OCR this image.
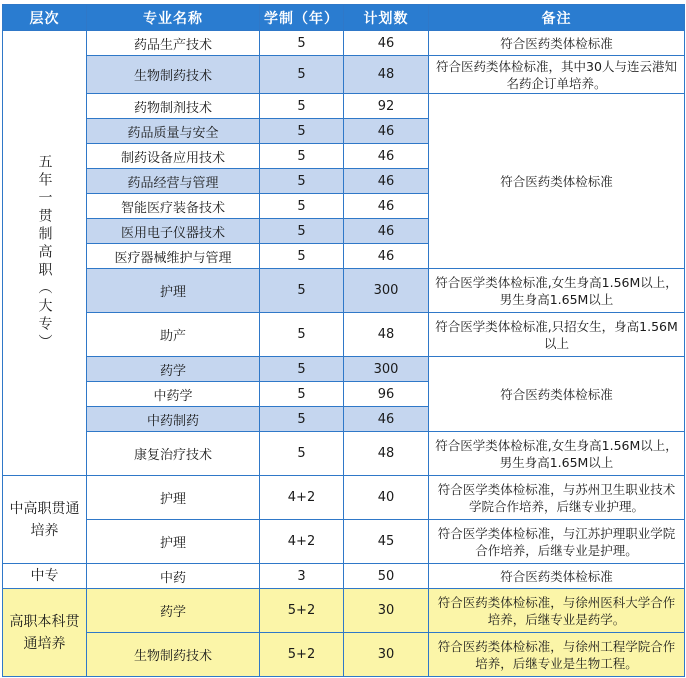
层次	专业名称	学制（年）	计划数	备注
五年一贯制高职（大专）	药品生产技术	5	46	符合医药类体检标准
	生物制药技术	5	48	符合医药类体检标准，其中30人与连云港知名药企订单培养。
	药物制剂技术	5	92	符合医药类体检标准
	药品质量与安全	5	46	
	制药设备应用技术	5	46	
	药品经营与管理	5	46	
	智能医疗装备技术	5	46	
	医用电子仪器技术	5	46	
	医疗器械维护与管理	5	46	
	护理	5	300	符合医学类体检标准,女生身高1.56M以上，男生身高1.65M以上
	助产	5	48	符合医学类体检标准,只招女生，身高1.56M以上
	药学	5	300	符合医药类体检标准
	中药学	5	96	
	中药制药	5	46	
	康复治疗技术	5	48	符合医学类体检标准,女生身高1.56M以上，男生身高1.65M以上
中高职贯通培养	护理	4+2	40	符合医学类体检标准，与苏州卫生职业技术学院合作培养，后继专业护理。
	护理	4+2	45	符合医学类体检标准，与江苏护理职业学院合作培养，后继专业是护理。
中专	中药	3	50	符合医药类体检标准
高职本科贯通培养	药学	5+2	30	符合医药类体检标准，与徐州医科大学合作培养，后继专业是药学。
	生物制药技术	5+2	30	符合医药类体检标准，与徐州工程学院合作培养，后继专业是生物工程。
